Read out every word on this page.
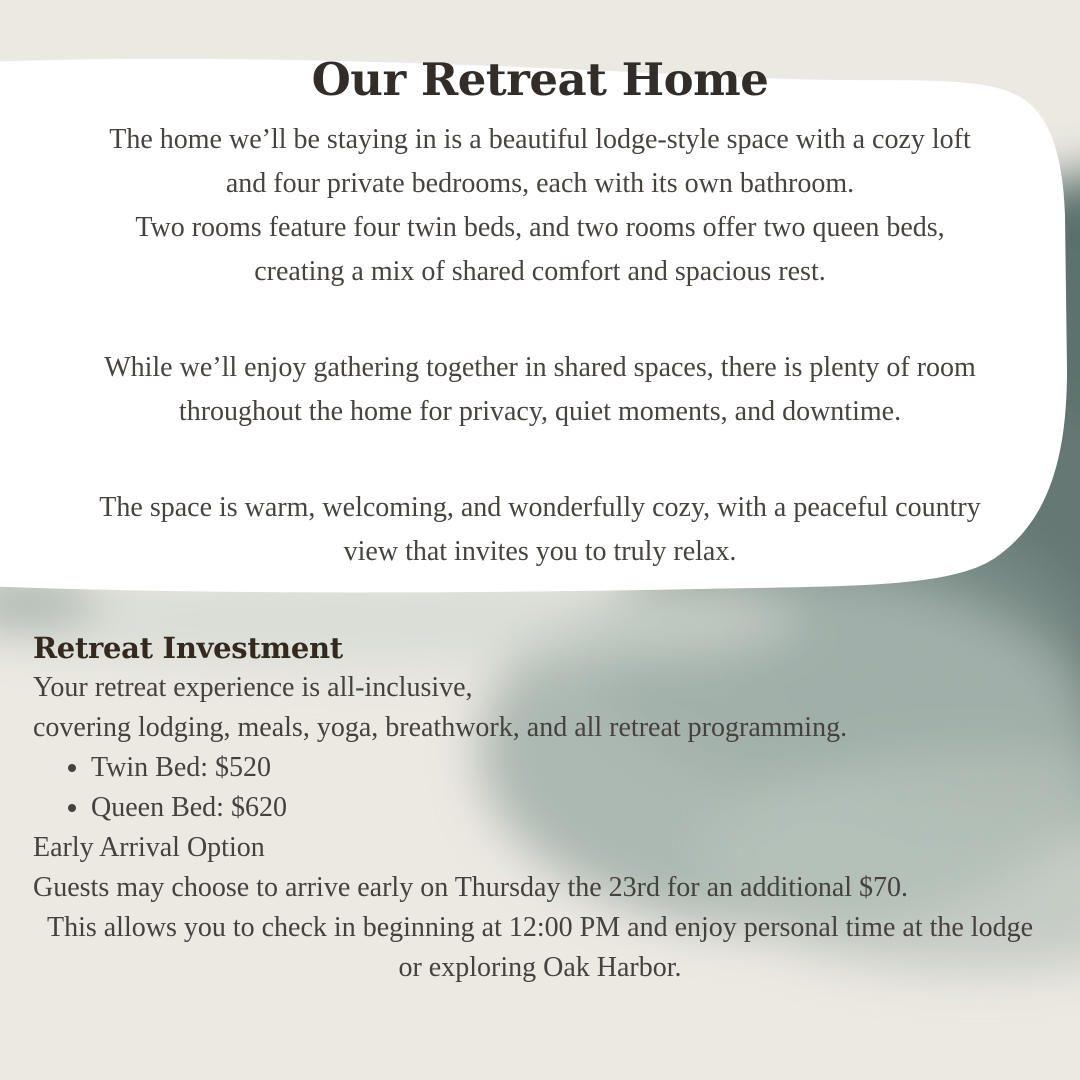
Our Retreat Home
The home we’ll be staying in is a beautiful lodge-style space with a cozy loft
and four private bedrooms, each with its own bathroom.
Two rooms feature four twin beds, and two rooms offer two queen beds,
creating a mix of shared comfort and spacious rest.
While we’ll enjoy gathering together in shared spaces, there is plenty of room
throughout the home for privacy, quiet moments, and downtime.
The space is warm, welcoming, and wonderfully cozy, with a peaceful country
view that invites you to truly relax.
Retreat Investment
Your retreat experience is all-inclusive,
covering lodging, meals, yoga, breathwork, and all retreat programming.
• Twin Bed: $520
• Queen Bed: $620
Early Arrival Option
Guests may choose to arrive early on Thursday the 23rd for an additional $70.
This allows you to check in beginning at 12:00 PM and enjoy personal time at the lodge
or exploring Oak Harbor.
